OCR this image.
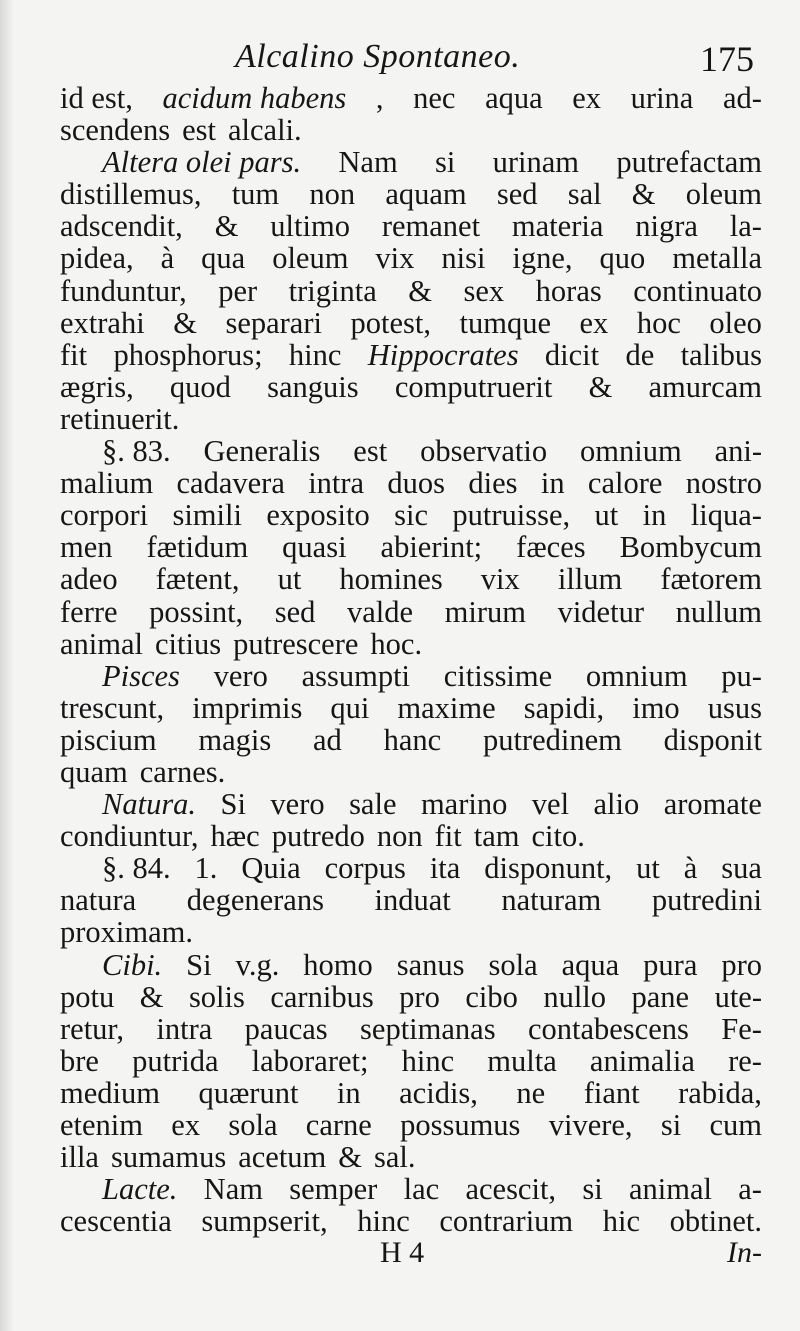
Alcalino Spontaneo.	175
id est, acidum habens , nec aqua ex urina ad-
scendens est alcali.
Altera olei pars. Nam si urinam putrefactam
distillemus, tum non aquam sed sal & oleum
adscendit, & ultimo remanet materia nigra la-
pidea, à qua oleum vix nisi igne, quo metalla
funduntur, per triginta & sex horas continuato
extrahi & separari potest, tumque ex hoc oleo
fit phosphorus; hinc Hippocrates dicit de talibus
ægris, quod sanguis computruerit & amurcam
retinuerit.
§. 83. Generalis est observatio omnium ani-
malium cadavera intra duos dies in calore nostro
corpori simili exposito sic putruisse, ut in liqua-
men fætidum quasi abierint; fæces Bombycum
adeo fætent, ut homines vix illum fætorem
ferre possint, sed valde mirum videtur nullum
animal citius putrescere hoc.
Pisces vero assumpti citissime omnium pu-
trescunt, imprimis qui maxime sapidi, imo usus
piscium magis ad hanc putredinem disponit
quam carnes.
Natura. Si vero sale marino vel alio aromate
condiuntur, hæc putredo non fit tam cito.
§. 84. 1. Quia corpus ita disponunt, ut à sua
natura degenerans induat naturam putredini
proximam.
Cibi. Si v.g. homo sanus sola aqua pura pro
potu & solis carnibus pro cibo nullo pane ute-
retur, intra paucas septimanas contabescens Fe-
bre putrida laboraret; hinc multa animalia re-
medium quærunt in acidis, ne fiant rabida,
etenim ex sola carne possumus vivere, si cum
illa sumamus acetum & sal.
Lacte. Nam semper lac acescit, si animal a-
cescentia sumpserit, hinc contrarium hic obtinet.
H 4	In-
